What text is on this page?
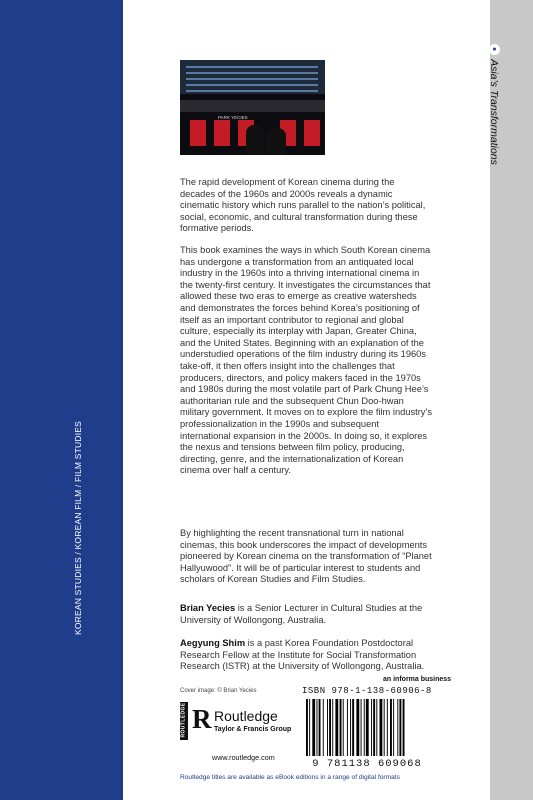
KOREAN STUDIES / KOREAN FILM / FILM STUDIES
●
Asia’s Transformations
PARK YECIES
The rapid development of Korean cinema during the decades of the 1960s and 2000s reveals a dynamic cinematic history which runs parallel to the nation’s political, social, economic, and cultural transformation during these formative periods.
This book examines the ways in which South Korean cinema has undergone a transformation from an antiquated local industry in the 1960s into a thriving international cinema in the twenty-first century. It investigates the circumstances that allowed these two eras to emerge as creative watersheds and demonstrates the forces behind Korea’s positioning of itself as an important contributor to regional and global culture, especially its interplay with Japan, Greater China, and the United States. Beginning with an explanation of the understudied operations of the film industry during its 1960s take-off, it then offers insight into the challenges that producers, directors, and policy makers faced in the 1970s and 1980s during the most volatile part of Park Chung Hee’s authoritarian rule and the subsequent Chun Doo-hwan military government. It moves on to explore the film industry’s professionalization in the 1990s and subsequent international expansion in the 2000s. In doing so, it explores the nexus and tensions between film policy, producing, directing, genre, and the internationalization of Korean cinema over half a century.
By highlighting the recent transnational turn in national cinemas, this book underscores the impact of developments pioneered by Korean cinema on the transformation of “Planet Hallyuwood”. It will be of particular interest to students and scholars of Korean Studies and Film Studies.
Brian Yecies is a Senior Lecturer in Cultural Studies at the University of Wollongong, Australia.
Aegyung Shim is a past Korea Foundation Postdoctoral Research Fellow at the Institute for Social Transformation Research (ISTR) at the University of Wollongong, Australia.
an informa business
Cover image: © Brian Yecies	ISBN 978-1-138-60906-8
ROUTLEDGE R Routledge
Taylor & Francis Group
www.routledge.com
9 781138 609068
Routledge titles are available as eBook editions in a range of digital formats
